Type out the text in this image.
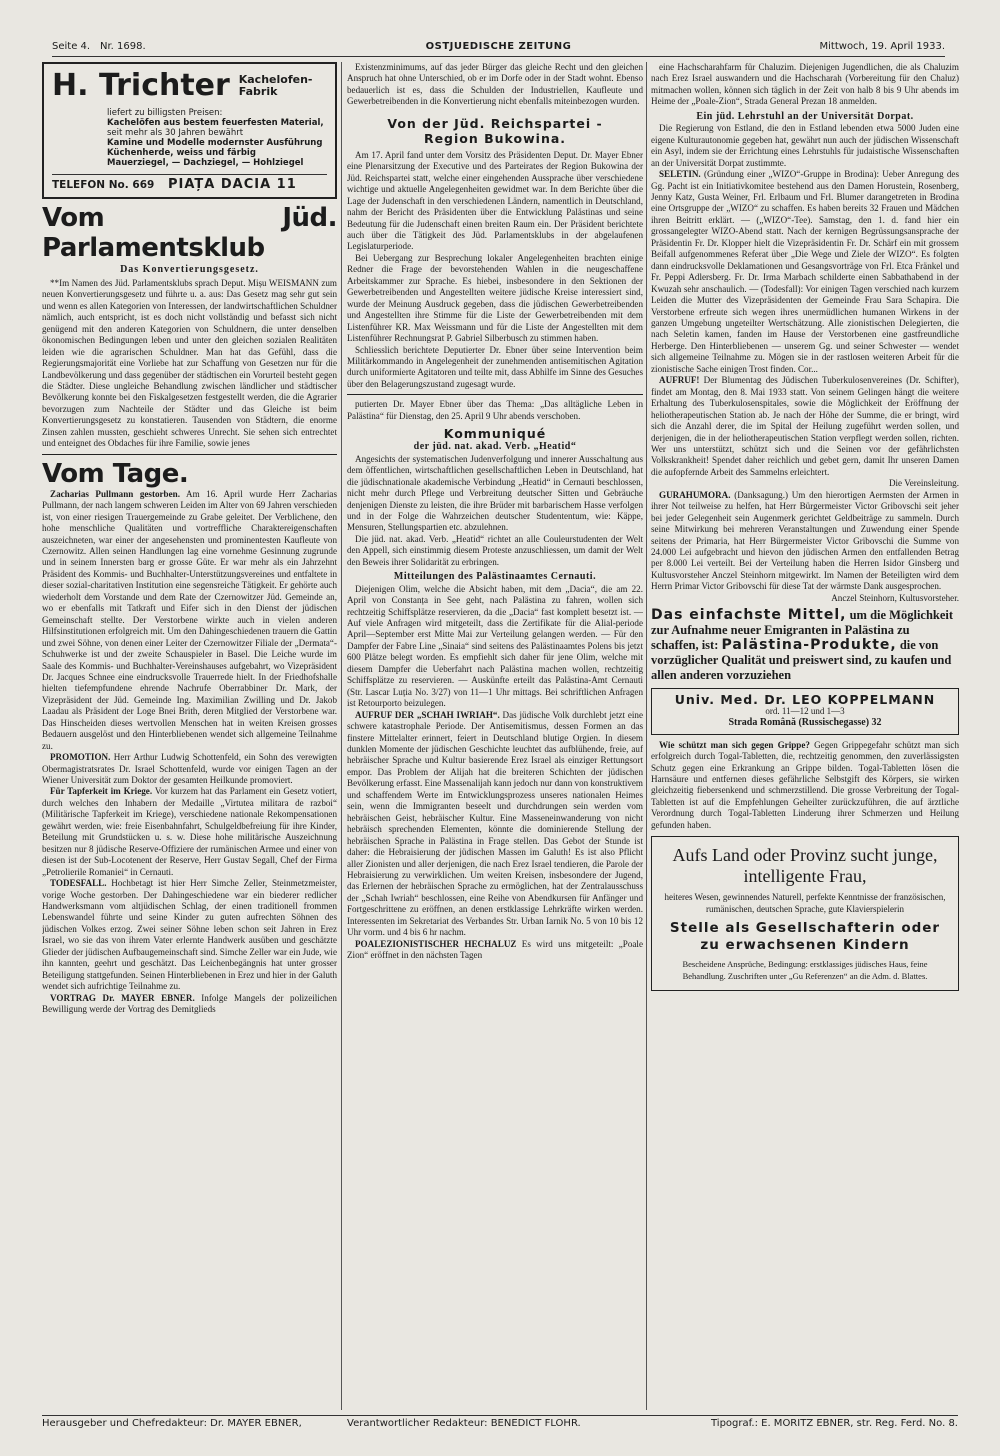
Seite 4. Nr. 1698.	OSTJUEDISCHE ZEITUNG	Mittwoch, 19. April 1933.
H. Trichter Kachelofen-
Fabrik
liefert zu billigsten Preisen:
Kachelöfen aus bestem feuerfesten Material,
seit mehr als 30 Jahren bewährt
Kamine und Modelle modernster Ausführung Küchenherde, weiss und färbig
Mauerziegel, — Dachziegel, — Hohlziegel
TELEFON No. 669 PIAȚA DACIA 11
Vom Jüd. Parlamentsklub
Das Konvertierungsgesetz.

**Im Namen des Jüd. Parlamentsklubs sprach Deput. Mișu WEISMANN zum neuen Konvertierungsgesetz und führte u. a. aus: Das Gesetz mag sehr gut sein und wenn es allen Kategorien von Interessen, der landwirtschaftlichen Schuldner nämlich, auch entspricht, ist es doch nicht vollständig und befasst sich nicht genügend mit den anderen Kategorien von Schuldnern, die unter denselben ökonomischen Bedingungen leben und unter den gleichen sozialen Realitäten leiden wie die agrarischen Schuldner. Man hat das Gefühl, dass die Regierungsmajorität eine Vorliebe hat zur Schaffung von Gesetzen nur für die Landbevölkerung und dass gegenüber der städtischen ein Vorurteil besteht gegen die Städter. Diese ungleiche Behandlung zwischen ländlicher und städtischer Bevölkerung konnte bei den Fiskalgesetzen festgestellt werden, die die Agrarier bevorzugen zum Nachteile der Städter und das Gleiche ist beim Konvertierungsgesetz zu konstatieren. Tausenden von Städtern, die enorme Zinsen zahlen mussten, geschieht schweres Unrecht. Sie sehen sich entrechtet und enteignet des Obdaches für ihre Familie, sowie jenes

Vom Tage.

Zacharias Pullmann gestorben. Am 16. April wurde Herr Zacharias Pullmann, der nach langem schweren Leiden im Alter von 69 Jahren verschieden ist, von einer riesigen Trauergemeinde zu Grabe geleitet. Der Verblichene, den hohe menschliche Qualitäten und vortreffliche Charaktereigenschaften auszeichneten, war einer der angesehensten und prominentesten Kaufleute von Czernowitz. Allen seinen Handlungen lag eine vornehme Gesinnung zugrunde und in seinem Innersten barg er grosse Güte. Er war mehr als ein Jahrzehnt Präsident des Kommis- und Buchhalter-Unterstützungsvereines und entfaltete in dieser sozial-charitativen Institution eine segensreiche Tätigkeit. Er gehörte auch wiederholt dem Vorstande und dem Rate der Czernowitzer Jüd. Gemeinde an, wo er ebenfalls mit Tatkraft und Eifer sich in den Dienst der jüdischen Gemeinschaft stellte. Der Verstorbene wirkte auch in vielen anderen Hilfsinstitutionen erfolgreich mit. Um den Dahingeschiedenen trauern die Gattin und zwei Söhne, von denen einer Leiter der Czernowitzer Filiale der „Dermata“-Schuhwerke ist und der zweite Schauspieler in Basel. Die Leiche wurde im Saale des Kommis- und Buchhalter-Vereinshauses aufgebahrt, wo Vizepräsident Dr. Jacques Schnee eine eindrucksvolle Trauerrede hielt. In der Friedhofshalle hielten tiefempfundene ehrende Nachrufe Oberrabbiner Dr. Mark, der Vizepräsident der Jüd. Gemeinde Ing. Maximilian Zwilling und Dr. Jakob Laadau als Präsident der Loge Bnei Brith, deren Mitglied der Verstorbene war. Das Hinscheiden dieses wertvollen Menschen hat in weiten Kreisen grosses Bedauern ausgelöst und den Hinterbliebenen wendet sich allgemeine Teilnahme zu.

PROMOTION. Herr Arthur Ludwig Schottenfeld, ein Sohn des verewigten Obermagistratsrates Dr. Israel Schottenfeld, wurde vor einigen Tagen an der Wiener Universität zum Doktor der gesamten Heilkunde promoviert.

Für Tapferkeit im Kriege. Vor kurzem hat das Parlament ein Gesetz votiert, durch welches den Inhabern der Medaille „Virtutea militara de razboi“ (Militärische Tapferkeit im Kriege), verschiedene nationale Rekompensationen gewährt werden, wie: freie Eisenbahnfahrt, Schulgeldbefreiung für ihre Kinder, Beteilung mit Grundstücken u. s. w. Diese hohe militärische Auszeichnung besitzen nur 8 jüdische Reserve-Offiziere der rumänischen Armee und einer von diesen ist der Sub-Locotenent der Reserve, Herr Gustav Segall, Chef der Firma „Petrolierile Romaniei“ in Cernauti.

TODESFALL. Hochbetagt ist hier Herr Simche Zeller, Steinmetzmeister, vorige Woche gestorben. Der Dahingeschiedene war ein biederer redlicher Handwerksmann vom altjüdischen Schlag, der einen traditionell frommen Lebenswandel führte und seine Kinder zu guten aufrechten Söhnen des jüdischen Volkes erzog. Zwei seiner Söhne leben schon seit Jahren in Erez Israel, wo sie das von ihrem Vater erlernte Handwerk ausüben und geschätzte Glieder der jüdischen Aufbaugemeinschaft sind. Simche Zeller war ein Jude, wie ihn kannten, geehrt und geschätzt. Das Leichenbegängnis hat unter grosser Beteiligung stattgefunden. Seinen Hinterbliebenen in Erez und hier in der Galuth wendet sich aufrichtige Teilnahme zu.

VORTRAG Dr. MAYER EBNER. Infolge Mangels der polizeilichen Bewilligung werde der Vortrag des Demitglieds

Existenzminimums, auf das jeder Bürger das gleiche Recht und den gleichen Anspruch hat ohne Unterschied, ob er im Dorfe oder in der Stadt wohnt. Ebenso bedauerlich ist es, dass die Schulden der Industriellen, Kaufleute und Gewerbetreibenden in die Konvertierung nicht ebenfalls miteinbezogen wurden.

Von der Jüd. Reichspartei -
Region Bukowina.

Am 17. April fand unter dem Vorsitz des Präsidenten Deput. Dr. Mayer Ebner eine Plenarsitzung der Executive und des Parteirates der Region Bukowina der Jüd. Reichspartei statt, welche einer eingehenden Aussprache über verschiedene wichtige und aktuelle Angelegenheiten gewidmet war. In dem Berichte über die Lage der Judenschaft in den verschiedenen Ländern, namentlich in Deutschland, nahm der Bericht des Präsidenten über die Entwicklung Palästinas und seine Bedeutung für die Judenschaft einen breiten Raum ein. Der Präsident berichtete auch über die Tätigkeit des Jüd. Parlamentsklubs in der abgelaufenen Legislaturperiode.

Bei Uebergang zur Besprechung lokaler Angelegenheiten brachten einige Redner die Frage der bevorstehenden Wahlen in die neugeschaffene Arbeitskammer zur Sprache. Es hiebei, insbesondere in den Sektionen der Gewerbetreibenden und Angestellten weitere jüdische Kreise interessiert sind, wurde der Meinung Ausdruck gegeben, dass die jüdischen Gewerbetreibenden und Angestellten ihre Stimme für die Liste der Gewerbetreibenden mit dem Listenführer KR. Max Weissmann und für die Liste der Angestellten mit dem Listenführer Rechnungsrat P. Gabriel Silberbusch zu stimmen haben.

Schliesslich berichtete Deputierter Dr. Ebner über seine Intervention beim Militärkommando in Angelegenheit der zunehmenden antisemitischen Agitation durch uniformierte Agitatoren und teilte mit, dass Abhilfe im Sinne des Gesuches über den Belagerungszustand zugesagt wurde.

putierten Dr. Mayer Ebner über das Thema: „Das alltägliche Leben in Palästina“ für Dienstag, den 25. April 9 Uhr abends verschoben.

Kommuniqué
der jüd. nat. akad. Verb. „Heatid“

Angesichts der systematischen Judenverfolgung und innerer Ausschaltung aus dem öffentlichen, wirtschaftlichen gesellschaftlichen Leben in Deutschland, hat die jüdischnationale akademische Verbindung „Heatid“ in Cernauti beschlossen, nicht mehr durch Pflege und Verbreitung deutscher Sitten und Gebräuche denjenigen Dienste zu leisten, die ihre Brüder mit barbarischem Hasse verfolgen und in der Folge die Wahrzeichen deutscher Studententum, wie: Käppe, Mensuren, Stellungspartien etc. abzulehnen.

Die jüd. nat. akad. Verb. „Heatid“ richtet an alle Couleurstudenten der Welt den Appell, sich einstimmig diesem Proteste anzuschliessen, um damit der Welt den Beweis ihrer Solidarität zu erbringen.

Mitteilungen des Palästinaamtes Cernauti.

Diejenigen Olim, welche die Absicht haben, mit dem „Dacia“, die am 22. April von Constanța in See geht, nach Palästina zu fahren, wollen sich rechtzeitig Schiffsplätze reservieren, da die „Dacia“ fast komplett besetzt ist. — Auf viele Anfragen wird mitgeteilt, dass die Zertifikate für die Alial-periode April—September erst Mitte Mai zur Verteilung gelangen werden. — Für den Dampfer der Fabre Line „Sinaia“ sind seitens des Palästinaamtes Polens bis jetzt 600 Plätze belegt worden. Es empfiehlt sich daher für jene Olim, welche mit diesem Dampfer die Ueberfahrt nach Palästina machen wollen, rechtzeitig Schiffsplätze zu reservieren. — Auskünfte erteilt das Palästina-Amt Cernauti (Str. Lascar Luția No. 3/27) von 11—1 Uhr mittags. Bei schriftlichen Anfragen ist Retourporto beizulegen.

AUFRUF DER „SCHAH IWRIAH“. Das jüdische Volk durchlebt jetzt eine schwere katastrophale Periode. Der Antisemitismus, dessen Formen an das finstere Mittelalter erinnert, feiert in Deutschland blutige Orgien. In diesem dunklen Momente der jüdischen Geschichte leuchtet das aufblühende, freie, auf hebräischer Sprache und Kultur basierende Erez Israel als einziger Rettungsort empor. Das Problem der Alijah hat die breiteren Schichten der jüdischen Bevölkerung erfasst. Eine Massenalijah kann jedoch nur dann von konstruktivem und schaffendem Werte im Entwicklungsprozess unseres nationalen Heimes sein, wenn die Immigranten beseelt und durchdrungen sein werden vom hebräischen Geist, hebräischer Kultur. Eine Masseneinwanderung von nicht hebräisch sprechenden Elementen, könnte die dominierende Stellung der hebräischen Sprache in Palästina in Frage stellen. Das Gebot der Stunde ist daher: die Hebraisierung der jüdischen Massen im Galuth! Es ist also Pflicht aller Zionisten und aller derjenigen, die nach Erez Israel tendieren, die Parole der Hebraisierung zu verwirklichen. Um weiten Kreisen, insbesondere der Jugend, das Erlernen der hebräischen Sprache zu ermöglichen, hat der Zentralausschuss der „Schah Iwriah“ beschlossen, eine Reihe von Abendkursen für Anfänger und Fortgeschrittene zu eröffnen, an denen erstklassige Lehrkräfte wirken werden. Interessenten im Sekretariat des Verbandes Str. Urban Iarnik No. 5 von 10 bis 12 Uhr vorm. und 4 bis 6 hr nachm.

POALEZIONISTISCHER HECHALUZ Es wird uns mitgeteilt: „Poale Zion“ eröffnet in den nächsten Tagen

eine Hachscharahfarm für Chaluzim. Diejenigen Jugendlichen, die als Chaluzim nach Erez Israel auswandern und die Hachscharah (Vorbereitung für den Chaluz) mitmachen wollen, können sich täglich in der Zeit von halb 8 bis 9 Uhr abends im Heime der „Poale-Zion“, Strada General Prezan 18 anmelden.

Ein jüd. Lehrstuhl an der Universität Dorpat.

Die Regierung von Estland, die den in Estland lebenden etwa 5000 Juden eine eigene Kulturautonomie gegeben hat, gewährt nun auch der jüdischen Wissenschaft ein Asyl, indem sie der Errichtung eines Lehrstuhls für judaistische Wissenschaften an der Universität Dorpat zustimmte.

SELETIN. (Gründung einer „WIZO“-Gruppe in Brodina): Ueber Anregung des Gg. Pacht ist ein Initiativkomitee bestehend aus den Damen Horustein, Rosenberg, Jenny Katz, Gusta Weiner, Frl. Erlbaum und Frl. Blumer darangetreten in Brodina eine Ortsgruppe der „WIZO“ zu schaffen. Es haben bereits 32 Frauen und Mädchen ihren Beitritt erklärt. — („WIZO“-Tee). Samstag, den 1. d. fand hier ein grossangelegter WIZO-Abend statt. Nach der kernigen Begrüssungsansprache der Präsidentin Fr. Dr. Klopper hielt die Vizepräsidentin Fr. Dr. Schärf ein mit grossem Beifall aufgenommenes Referat über „Die Wege und Ziele der WIZO“. Es folgten dann eindrucksvolle Deklamationen und Gesangsvorträge von Frl. Etca Fränkel und Fr. Peppi Adlersberg. Fr. Dr. Irma Marbach schilderte einen Sabbathabend in der Kwuzah sehr anschaulich. — (Todesfall): Vor einigen Tagen verschied nach kurzem Leiden die Mutter des Vizepräsidenten der Gemeinde Frau Sara Schapira. Die Verstorbene erfreute sich wegen ihres unermüdlichen humanen Wirkens in der ganzen Umgebung ungeteilter Wertschätzung. Alle zionistischen Delegierten, die nach Seletin kamen, fanden im Hause der Verstorbenen eine gastfreundliche Herberge. Den Hinterbliebenen — unserem Gg. und seiner Schwester — wendet sich allgemeine Teilnahme zu. Mögen sie in der rastlosen weiteren Arbeit für die zionistische Sache einigen Trost finden. Cor...

AUFRUF! Der Blumentag des Jüdischen Tuberkulosenvereines (Dr. Schifter), findet am Montag, den 8. Mai 1933 statt. Von seinem Gelingen hängt die weitere Erhaltung des Tuberkulosenspitales, sowie die Möglichkeit der Eröffnung der heliotherapeutischen Station ab. Je nach der Höhe der Summe, die er bringt, wird sich die Anzahl derer, die im Spital der Heilung zugeführt werden sollen, und derjenigen, die in der heliotherapeutischen Station verpflegt werden sollen, richten. Wer uns unterstützt, schützt sich und die Seinen vor der gefährlichsten Volkskrankheit! Spendet daher reichlich und gebet gern, damit Ihr unseren Damen die aufopfernde Arbeit des Sammelns erleichtert.

Die Vereinsleitung.

GURAHUMORA. (Danksagung.) Um den hierortigen Aermsten der Armen in ihrer Not teilweise zu helfen, hat Herr Bürgermeister Victor Gribovschi seit jeher bei jeder Gelegenheit sein Augenmerk gerichtet Geldbeiträge zu sammeln. Durch seine Mitwirkung bei mehreren Veranstaltungen und Zuwendung einer Spende seitens der Primaria, hat Herr Bürgermeister Victor Gribovschi die Summe von 24.000 Lei aufgebracht und hievon den jüdischen Armen den entfallenden Betrag per 8.000 Lei verteilt. Bei der Verteilung haben die Herren Isidor Ginsberg und Kultusvorsteher Anczel Steinhorn mitgewirkt. Im Namen der Beteiligten wird dem Herrn Primar Victor Gribovschi für diese Tat der wärmste Dank ausgesprochen.

Anczel Steinhorn, Kultusvorsteher.
Das einfachste Mittel, um die Möglichkeit zur Aufnahme neuer Emigranten in Palästina zu schaffen, ist: Palästina-Produkte, die von vorzüglicher Qualität und preiswert sind, zu kaufen und allen anderen vorzuziehen
Univ. Med. Dr. LEO KOPPELMANN
ord. 11—12 und 1—3
Strada Română (Russischegasse) 32

Wie schützt man sich gegen Grippe? Gegen Grippegefahr schützt man sich erfolgreich durch Togal-Tabletten, die, rechtzeitig genommen, den zuverlässigsten Schutz gegen eine Erkrankung an Grippe bilden. Togal-Tabletten lösen die Harnsäure und entfernen dieses gefährliche Selbstgift des Körpers, sie wirken gleichzeitig fiebersenkend und schmerzstillend. Die grosse Verbreitung der Togal-Tabletten ist auf die Empfehlungen Geheilter zurückzuführen, die auf ärztliche Verordnung durch Togal-Tabletten Linderung ihrer Schmerzen und Heilung gefunden haben.

Aufs Land oder Provinz sucht junge, intelligente Frau,
heiteres Wesen, gewinnendes Naturell, perfekte Kenntnisse der französischen, rumänischen, deutschen Sprache, gute Klavierspielerin
Stelle als Gesellschafterin oder zu erwachsenen Kindern
Bescheidene Ansprüche, Bedingung: erstklassiges jüdisches Haus, feine Behandlung. Zuschriften unter „Gu Referenzen“ an die Adm. d. Blattes.
Herausgeber und Chefredakteur: Dr. MAYER EBNER,	Verantwortlicher Redakteur: BENEDICT FLOHR.	Tipograf.: E. MORITZ EBNER, str. Reg. Ferd. No. 8.
